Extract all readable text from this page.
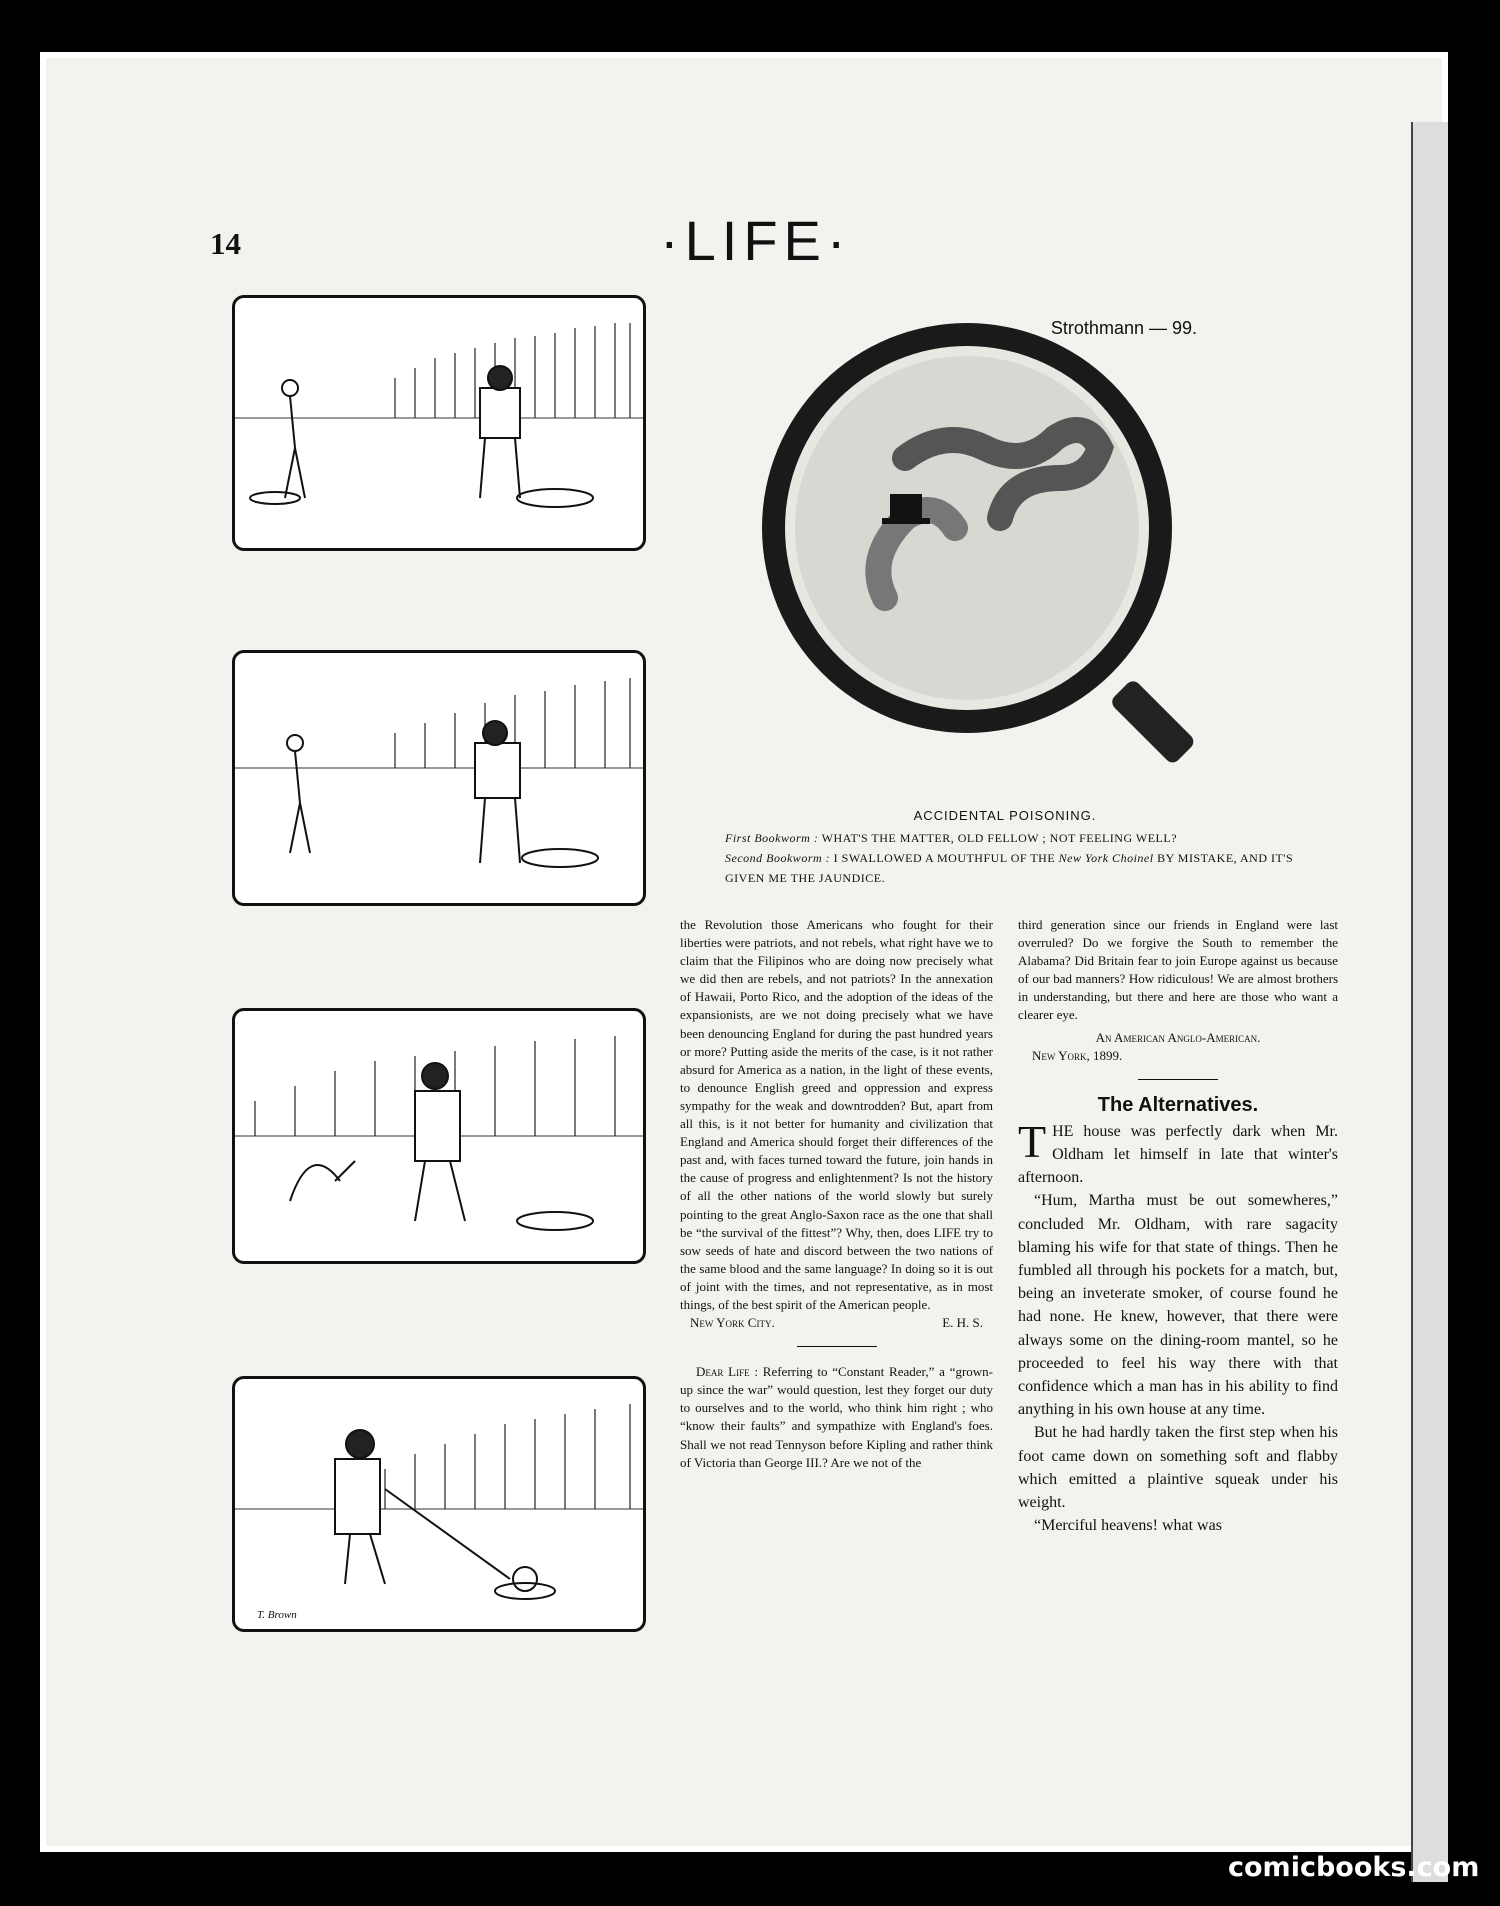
14	·LIFE·
T. Brown
Strothmann — 99.
ACCIDENTAL POISONING.
First Bookworm : WHAT'S THE MATTER, OLD FELLOW ; NOT FEELING WELL?
Second Bookworm : I SWALLOWED A MOUTHFUL OF THE New York Choinel BY MISTAKE, AND IT'S GIVEN ME THE JAUNDICE.

the Revolution those Americans who fought for their liberties were patriots, and not rebels, what right have we to claim that the Filipinos who are doing now precisely what we did then are rebels, and not patriots? In the annexation of Hawaii, Porto Rico, and the adoption of the ideas of the expansionists, are we not doing precisely what we have been denouncing England for during the past hundred years or more? Putting aside the merits of the case, is it not rather absurd for America as a nation, in the light of these events, to denounce English greed and oppression and express sympathy for the weak and downtrodden? But, apart from all this, is it not better for humanity and civilization that England and America should forget their differences of the past and, with faces turned toward the future, join hands in the cause of progress and enlightenment? Is not the history of all the other nations of the world slowly but surely pointing to the great Anglo-Saxon race as the one that shall be “the survival of the fittest”? Why, then, does LIFE try to sow seeds of hate and discord between the two nations of the same blood and the same language? In doing so it is out of joint with the times, and not representative, as in most things, of the best spirit of the American people.

New York City.	E. H. S.

Dear Life : Referring to “Constant Reader,” a “grown-up since the war” would question, lest they forget our duty to ourselves and to the world, who think him right ; who “know their faults” and sympathize with England's foes. Shall we not read Tennyson before Kipling and rather think of Victoria than George III.? Are we not of the

third generation since our friends in England were last overruled? Do we forgive the South to remember the Alabama? Did Britain fear to join Europe against us because of our bad manners? How ridiculous! We are almost brothers in understanding, but there and here are those who want a clearer eye.

An American Anglo-American.
New York, 1899.
The Alternatives.

THE house was perfectly dark when Mr. Oldham let himself in late that winter's afternoon.

“Hum, Martha must be out somewheres,” concluded Mr. Oldham, with rare sagacity blaming his wife for that state of things. Then he fumbled all through his pockets for a match, but, being an inveterate smoker, of course found he had none. He knew, however, that there were always some on the dining-room mantel, so he proceeded to feel his way there with that confidence which a man has in his ability to find anything in his own house at any time.

But he had hardly taken the first step when his foot came down on something soft and flabby which emitted a plaintive squeak under his weight.

“Merciful heavens! what was

comicbooks.com
